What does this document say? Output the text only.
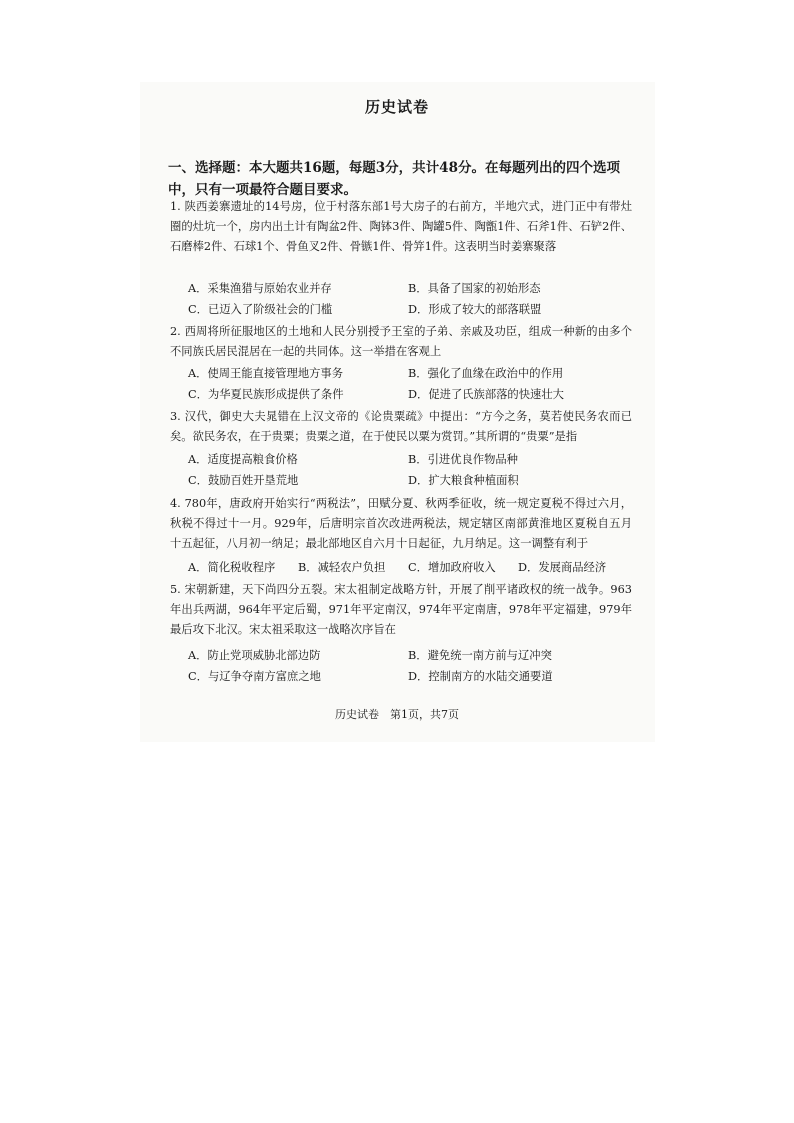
历史试卷
一、选择题：本大题共16题，每题3分，共计48分。在每题列出的四个选项中，只有一项最符合题目要求。
1. 陕西姜寨遗址的14号房，位于村落东部1号大房子的右前方，半地穴式，进门正中有带灶圈的灶坑一个，房内出土计有陶盆2件、陶钵3件、陶罐5件、陶甑1件、石斧1件、石铲2件、石磨棒2件、石球1个、骨鱼叉2件、骨镞1件、骨笄1件。这表明当时姜寨聚落
A．采集渔猎与原始农业并存	B．具备了国家的初始形态
C．已迈入了阶级社会的门槛	D．形成了较大的部落联盟
2. 西周将所征服地区的土地和人民分别授予王室的子弟、亲戚及功臣，组成一种新的由多个不同族氏居民混居在一起的共同体。这一举措在客观上
A．使周王能直接管理地方事务	B．强化了血缘在政治中的作用
C．为华夏民族形成提供了条件	D．促进了氏族部落的快速壮大
3. 汉代，御史大夫晁错在上汉文帝的《论贵粟疏》中提出：“方今之务，莫若使民务农而已矣。欲民务农，在于贵粟；贵粟之道，在于使民以粟为赏罚。”其所谓的“贵粟”是指
A．适度提高粮食价格	B．引进优良作物品种
C．鼓励百姓开垦荒地	D．扩大粮食种植面积
4. 780年，唐政府开始实行“两税法”，田赋分夏、秋两季征收，统一规定夏税不得过六月，秋税不得过十一月。929年，后唐明宗首次改进两税法，规定辖区南部黄淮地区夏税自五月十五起征，八月初一纳足；最北部地区自六月十日起征，九月纳足。这一调整有利于
A．简化税收程序	B．减轻农户负担	C．增加政府收入	D．发展商品经济
5. 宋朝新建，天下尚四分五裂。宋太祖制定战略方针，开展了削平诸政权的统一战争。963年出兵两湖，964年平定后蜀，971年平定南汉，974年平定南唐，978年平定福建，979年最后攻下北汉。宋太祖采取这一战略次序旨在
A．防止党项威胁北部边防	B．避免统一南方前与辽冲突
C．与辽争夺南方富庶之地	D．控制南方的水陆交通要道
历史试卷　第1页，共7页
